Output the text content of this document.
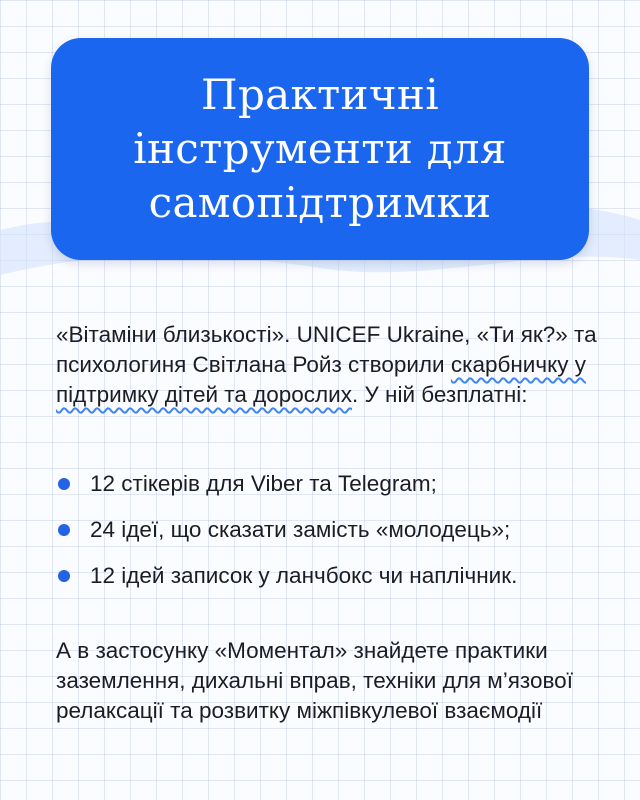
Практичні
інструменти для
самопідтримки

«Вітаміни близькості». UNICEF Ukraine, «Ти як?» та психологиня Світлана Ройз створили скарбничку у підтримку дітей та дорослих. У ній безплатні:

12 стікерів для Viber та Telegram;
24 ідеї, що сказати замість «молодець»;
12 ідей записок у ланчбокс чи наплічник.

А в застосунку «Моментал» знайдете практики заземлення, дихальні вправ, техніки для м’язової релаксації та розвитку міжпівкулевої взаємодії
